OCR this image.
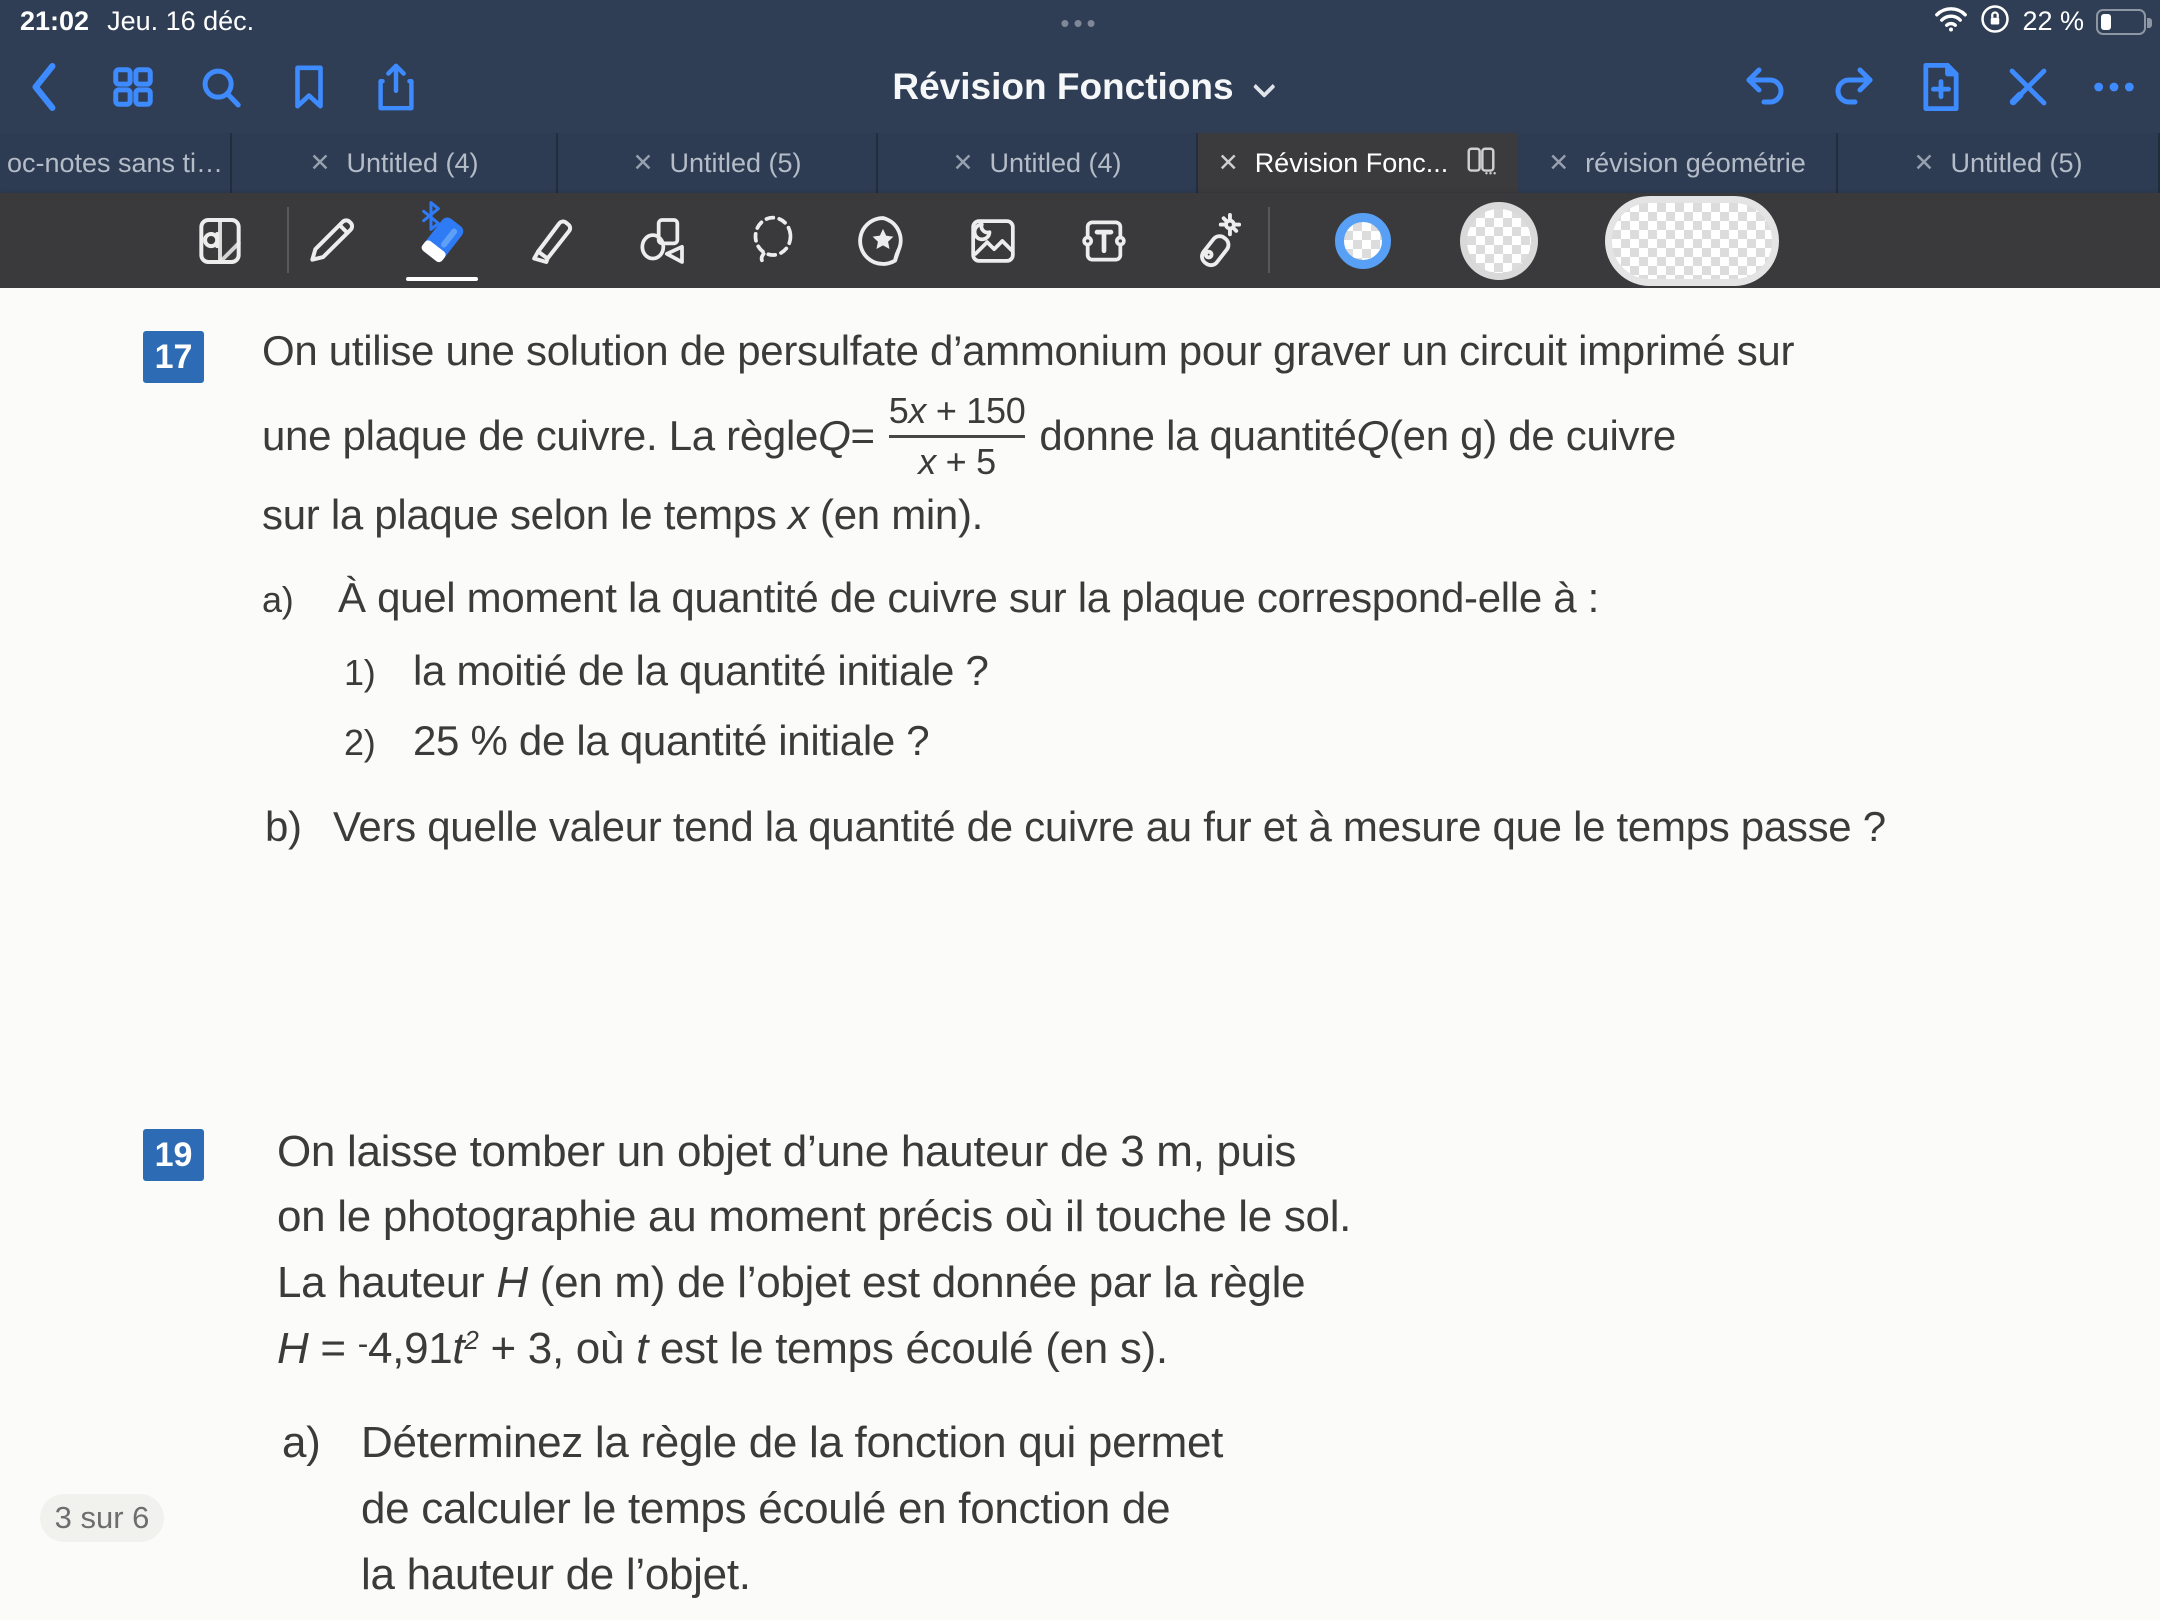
21:02 Jeu. 16 déc.	•••	22 %
Révision Fonctions
oc-notes sans ti…	✕ Untitled (4)	✕ Untitled (5)	✕ Untitled (4)	✕ Révision Fonc...	✕ révision géométrie	✕ Untitled (5)
17 On utilise une solution de persulfate d’ammonium pour graver un circuit imprimé sur
une plaque de cuivre. La règle $Q = \frac{5x + 150}{x + 5}$ donne la quantité Q (en g) de cuivre
sur la plaque selon le temps x (en min).
a) À quel moment la quantité de cuivre sur la plaque correspond-elle à :
1) la moitié de la quantité initiale ?
2) 25 % de la quantité initiale ?
b) Vers quelle valeur tend la quantité de cuivre au fur et à mesure que le temps passe ?
19 On laisse tomber un objet d’une hauteur de 3 m, puis
on le photographie au moment précis où il touche le sol.
La hauteur H (en m) de l’objet est donnée par la règle
$H = ^-4,91t^2 + 3$, où t est le temps écoulé (en s).
a) Déterminez la règle de la fonction qui permet
de calculer le temps écoulé en fonction de
la hauteur de l’objet.
3 sur 6
